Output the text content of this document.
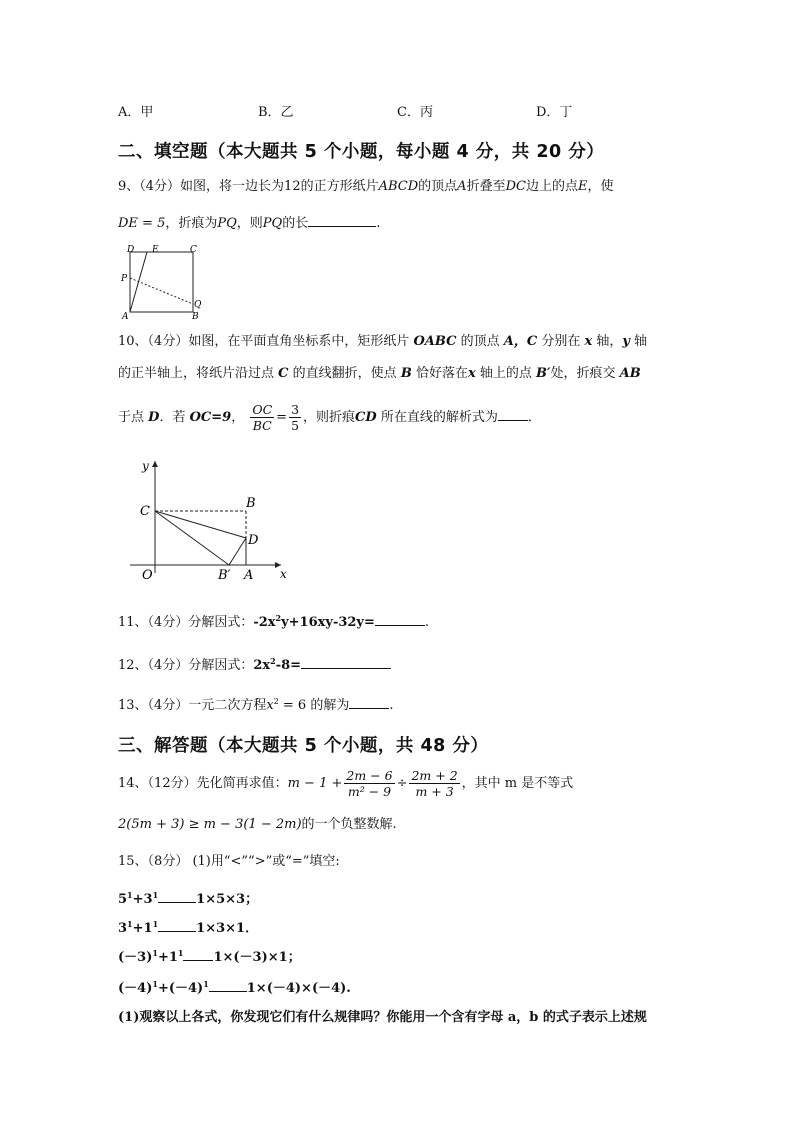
A．甲	B．乙	C．丙	D．丁
二、填空题（本大题共 5 个小题，每小题 4 分，共 20 分）
9、（4分）如图，将一边长为12的正方形纸片ABCD的顶点A折叠至DC边上的点E，使
DE = 5，折痕为PQ，则PQ的长	.
D E	C
P
Q
A	B
10、（4分）如图，在平面直角坐标系中，矩形纸片 OABC 的顶点 A，C 分别在 x 轴，y 轴
的正半轴上，将纸片沿过点 C 的直线翻折，使点 B 恰好落在x 轴上的点 B′处，折痕交 AB
于点 D．若 OC=9， $\frac{OC}{BC} = \frac{3}{5}$ ，则折痕CD 所在直线的解析式为 ．
y
C
B
D
O	B′ A x
11、（4分）分解因式：$-2x^2y+16xy-32y=$	.
12、（4分）分解因式：$2x^2-8=$
13、（4分）一元二次方程$x^2 = 6$ 的解为	.
三、解答题（本大题共 5 个小题，共 48 分）
14、（12分）先化简再求值：$m - 1 + \frac{2m - 6}{\text{m² − 9}} \div \frac{2m + 2}{m + 3}$ ，其中 m 是不等式
2(5m + 3) ≥ m − 3(1 − 2m)的一个负整数解.
15、（8分） (1)用“<”“>”或“=”填空:
$5^1+3^1$	1×5×3；
$3^1+1^1$	1×3×1．
$(-3)^1+1^1$ 1×(－3)×1；
$(-4)^1+(-4)^1$	1×(－4)×(－4).
(1)观察以上各式，你发现它们有什么规律吗？你能用一个含有字母 a，b 的式子表示上述规
